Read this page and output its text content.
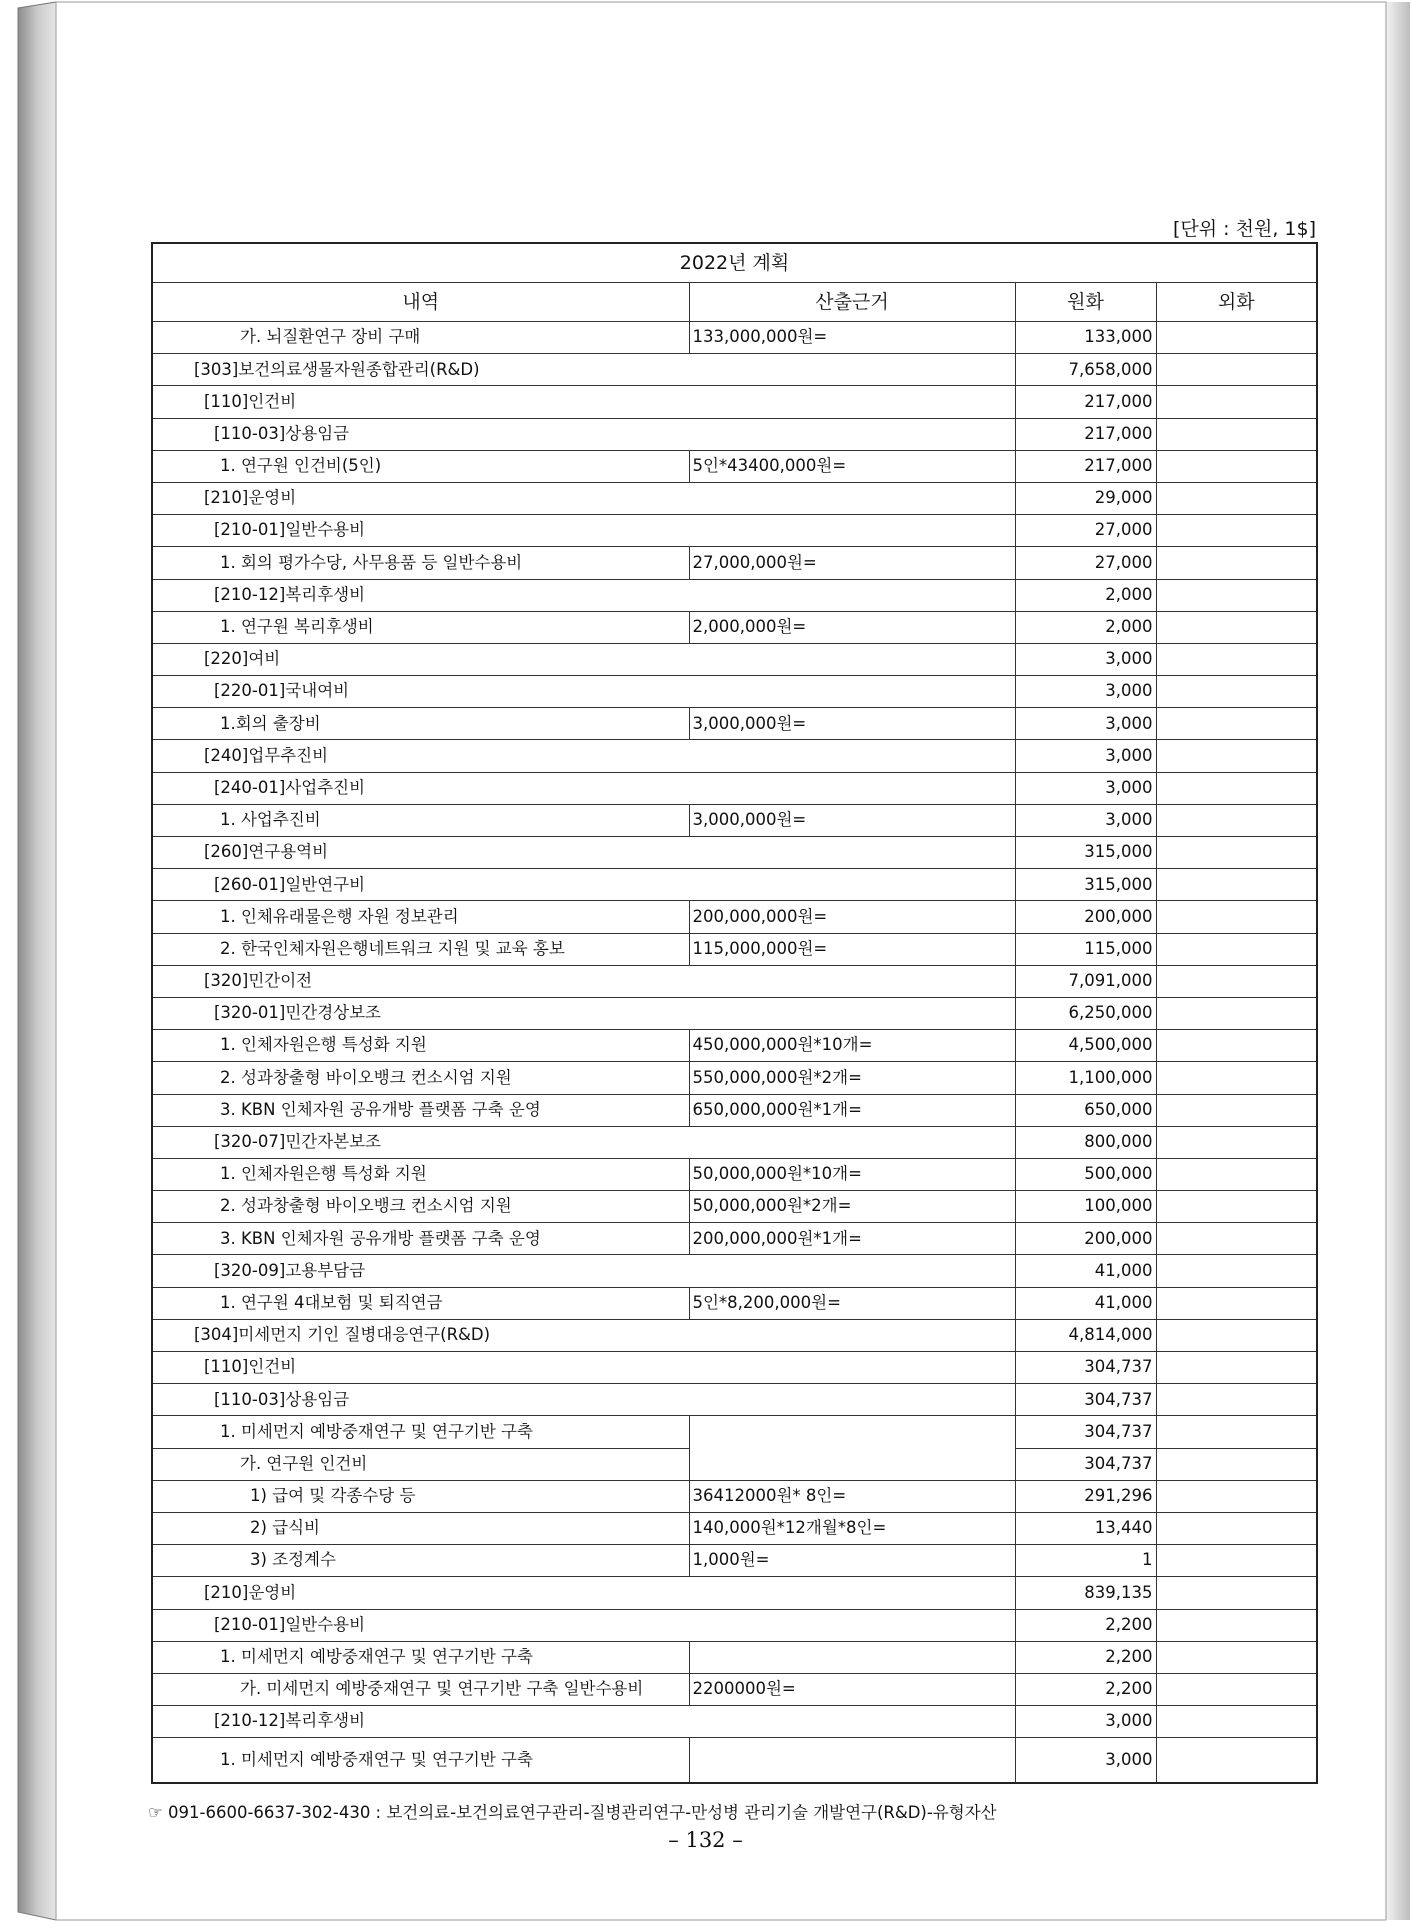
[단위 : 천원, 1$]
2022년 계획			
내역	산출근거	원화	외화
가. 뇌질환연구 장비 구매	133,000,000원=	133,000	
[303]보건의료생물자원종합관리(R&D)		7,658,000	
[110]인건비		217,000	
[110-03]상용임금		217,000	
1. 연구원 인건비(5인)	5인*43400,000원=	217,000	
[210]운영비		29,000	
[210-01]일반수용비		27,000	
1. 회의 평가수당, 사무용품 등 일반수용비	27,000,000원=	27,000	
[210-12]복리후생비		2,000	
1. 연구원 복리후생비	2,000,000원=	2,000	
[220]여비		3,000	
[220-01]국내여비		3,000	
1.회의 출장비	3,000,000원=	3,000	
[240]업무추진비		3,000	
[240-01]사업추진비		3,000	
1. 사업추진비	3,000,000원=	3,000	
[260]연구용역비		315,000	
[260-01]일반연구비		315,000	
1. 인체유래물은행 자원 정보관리	200,000,000원=	200,000	
2. 한국인체자원은행네트워크 지원 및 교육 홍보	115,000,000원=	115,000	
[320]민간이전		7,091,000	
[320-01]민간경상보조		6,250,000	
1. 인체자원은행 특성화 지원	450,000,000원*10개=	4,500,000	
2. 성과창출형 바이오뱅크 컨소시엄 지원	550,000,000원*2개=	1,100,000	
3. KBN 인체자원 공유개방 플랫폼 구축 운영	650,000,000원*1개=	650,000	
[320-07]민간자본보조		800,000	
1. 인체자원은행 특성화 지원	50,000,000원*10개=	500,000	
2. 성과창출형 바이오뱅크 컨소시엄 지원	50,000,000원*2개=	100,000	
3. KBN 인체자원 공유개방 플랫폼 구축 운영	200,000,000원*1개=	200,000	
[320-09]고용부담금		41,000	
1. 연구원 4대보험 및 퇴직연금	5인*8,200,000원=	41,000	
[304]미세먼지 기인 질병대응연구(R&D)		4,814,000	
[110]인건비		304,737	
[110-03]상용임금		304,737	
1. 미세먼지 예방중재연구 및 연구기반 구축		304,737	
가. 연구원 인건비		304,737	
1) 급여 및 각종수당 등	36412000원* 8인=	291,296	
2) 급식비	140,000원*12개월*8인=	13,440	
3) 조정계수	1,000원=	1	
[210]운영비		839,135	
[210-01]일반수용비		2,200	
1. 미세먼지 예방중재연구 및 연구기반 구축		2,200	
가. 미세먼지 예방중재연구 및 연구기반 구축 일반수용비	2200000원=	2,200	
[210-12]복리후생비		3,000	
1. 미세먼지 예방중재연구 및 연구기반 구축		3,000	
☞ 091-6600-6637-302-430 : 보건의료-보건의료연구관리-질병관리연구-만성병 관리기술 개발연구(R&D)-유형자산
– 132 –
